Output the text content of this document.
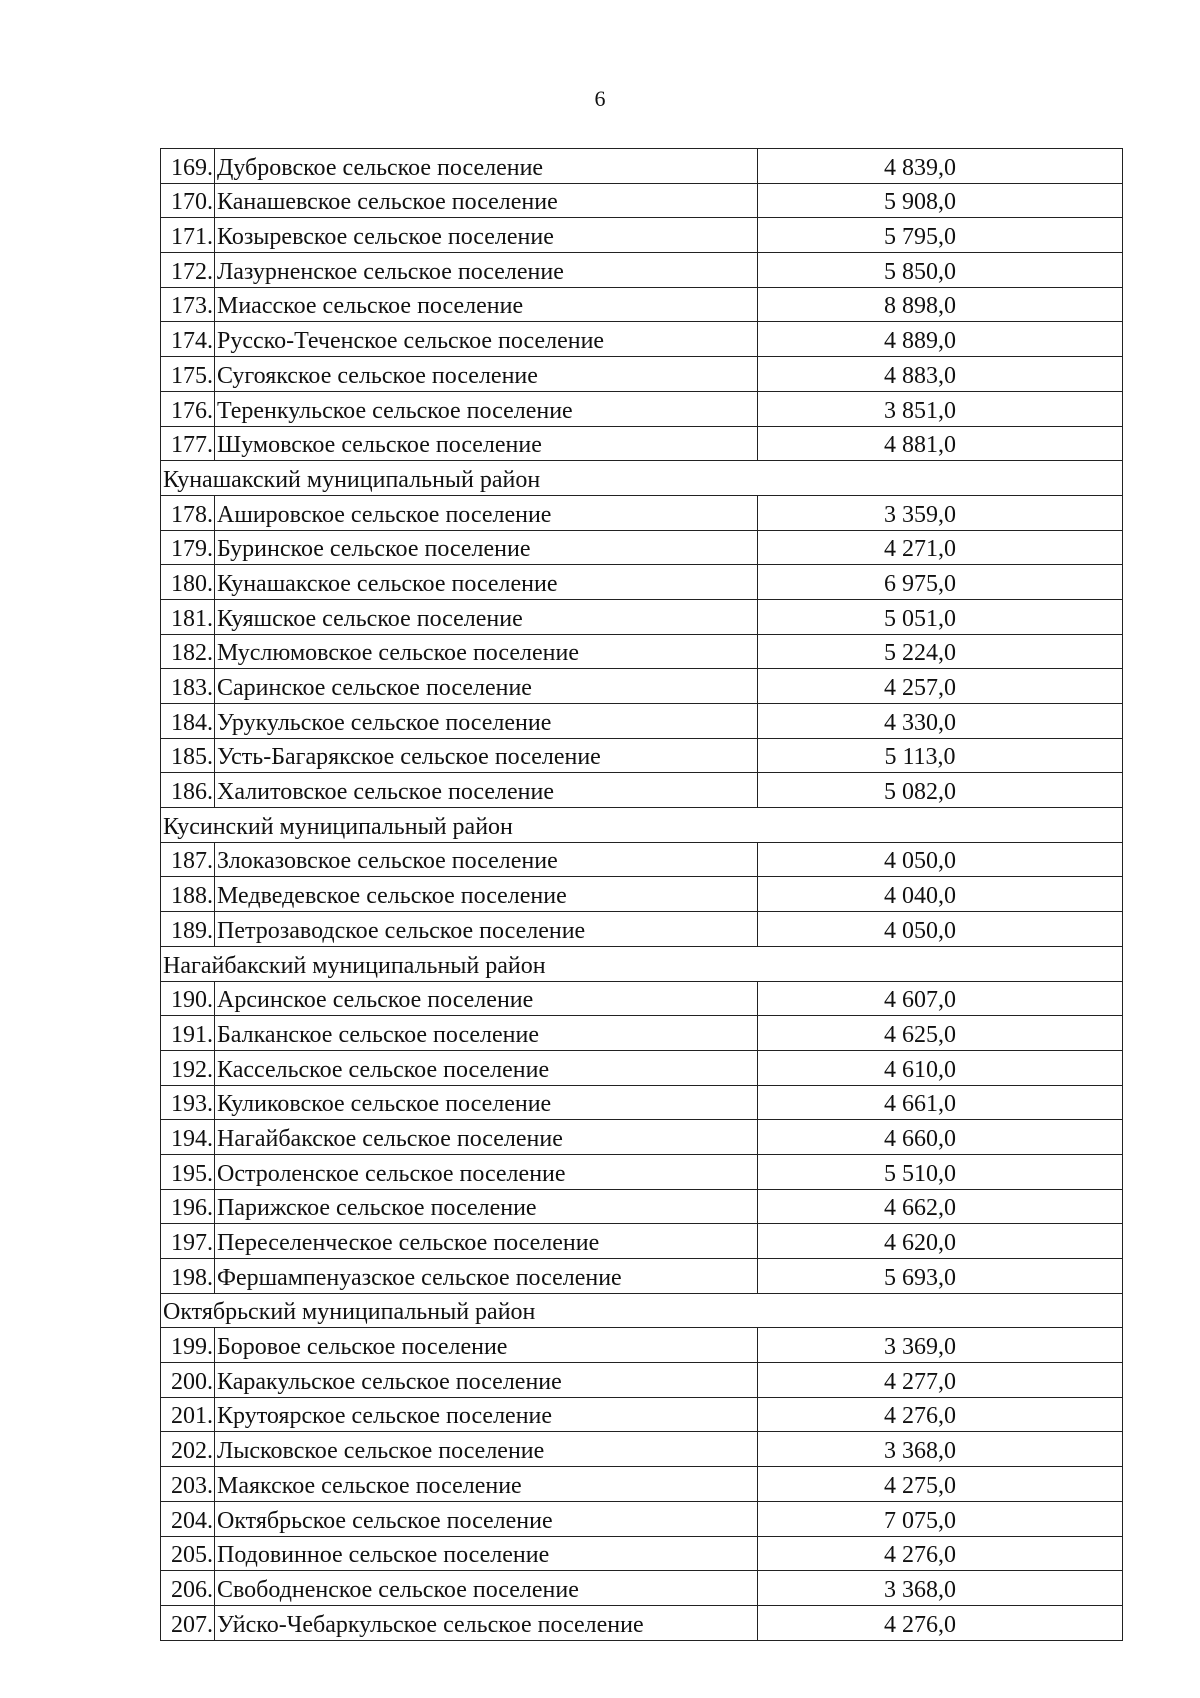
6
169.	Дубровское сельское поселение	4 839,0
170.	Канашевское сельское поселение	5 908,0
171.	Козыревское сельское поселение	5 795,0
172.	Лазурненское сельское поселение	5 850,0
173.	Миасское сельское поселение	8 898,0
174.	Русско-Теченское сельское поселение	4 889,0
175.	Сугоякское сельское поселение	4 883,0
176.	Теренкульское сельское поселение	3 851,0
177.	Шумовское сельское поселение	4 881,0
Кунашакский муниципальный район		
178.	Ашировское сельское поселение	3 359,0
179.	Буринское сельское поселение	4 271,0
180.	Кунашакское сельское поселение	6 975,0
181.	Куяшское сельское поселение	5 051,0
182.	Муслюмовское сельское поселение	5 224,0
183.	Саринское сельское поселение	4 257,0
184.	Урукульское сельское поселение	4 330,0
185.	Усть-Багарякское сельское поселение	5 113,0
186.	Халитовское сельское поселение	5 082,0
Кусинский муниципальный район		
187.	Злоказовское сельское поселение	4 050,0
188.	Медведевское сельское поселение	4 040,0
189.	Петрозаводское сельское поселение	4 050,0
Нагайбакский муниципальный район		
190.	Арсинское сельское поселение	4 607,0
191.	Балканское сельское поселение	4 625,0
192.	Кассельское сельское поселение	4 610,0
193.	Куликовское сельское поселение	4 661,0
194.	Нагайбакское сельское поселение	4 660,0
195.	Остроленское сельское поселение	5 510,0
196.	Парижское сельское поселение	4 662,0
197.	Переселенческое сельское поселение	4 620,0
198.	Фершампенуазское сельское поселение	5 693,0
Октябрьский муниципальный район		
199.	Боровое сельское поселение	3 369,0
200.	Каракульское сельское поселение	4 277,0
201.	Крутоярское сельское поселение	4 276,0
202.	Лысковское сельское поселение	3 368,0
203.	Маякское сельское поселение	4 275,0
204.	Октябрьское сельское поселение	7 075,0
205.	Подовинное сельское поселение	4 276,0
206.	Свободненское сельское поселение	3 368,0
207.	Уйско-Чебаркульское сельское поселение	4 276,0
